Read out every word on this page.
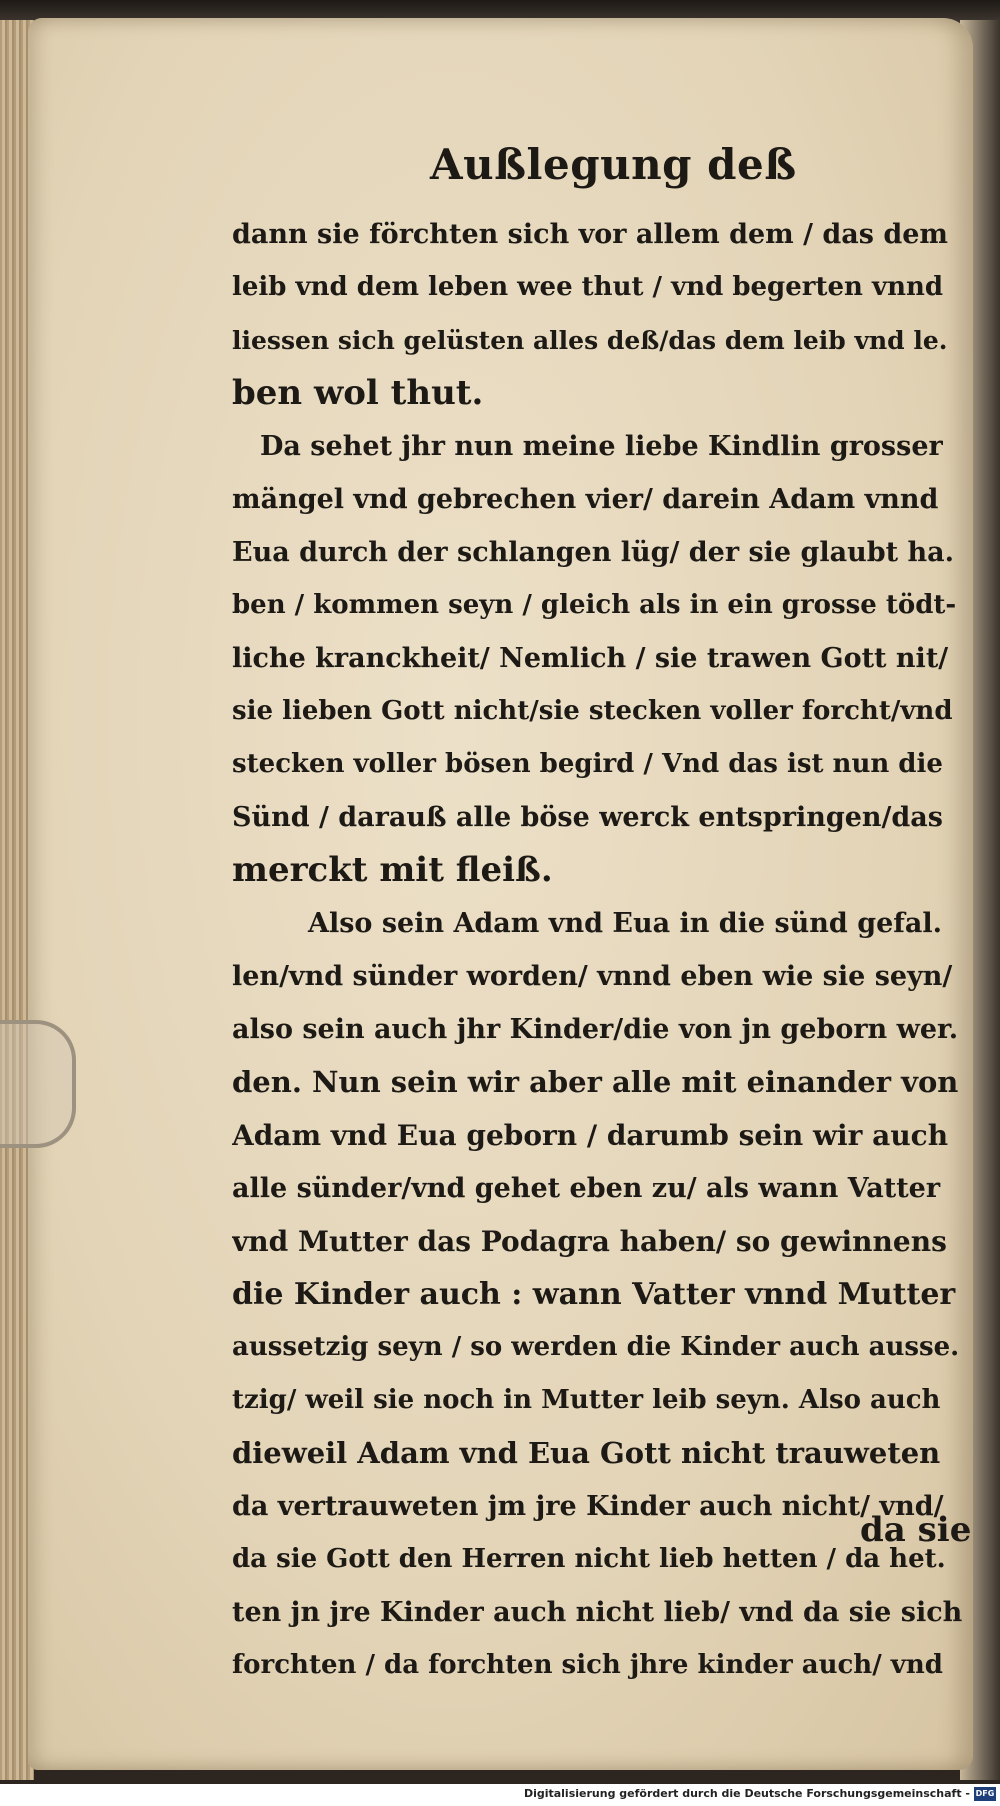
Außlegung deß
dann sie förchten sich vor allem dem / das dem
leib vnd dem leben wee thut / vnd begerten vnnd
liessen sich gelüsten alles deß/das dem leib vnd le.
ben wol thut.
Da sehet jhr nun meine liebe Kindlin grosser
mängel vnd gebrechen vier/ darein Adam vnnd
Eua durch der schlangen lüg/ der sie glaubt ha.
ben / kommen seyn / gleich als in ein grosse tödt-
liche kranckheit/ Nemlich / sie trawen Gott nit/
sie lieben Gott nicht/sie stecken voller forcht/vnd
stecken voller bösen begird / Vnd das ist nun die
Sünd / darauß alle böse werck entspringen/das
merckt mit fleiß.
Also sein Adam vnd Eua in die sünd gefal.
len/vnd sünder worden/ vnnd eben wie sie seyn/
also sein auch jhr Kinder/die von jn geborn wer.
den. Nun sein wir aber alle mit einander von
Adam vnd Eua geborn / darumb sein wir auch
alle sünder/vnd gehet eben zu/ als wann Vatter
vnd Mutter das Podagra haben/ so gewinnens
die Kinder auch : wann Vatter vnnd Mutter
aussetzig seyn / so werden die Kinder auch ausse.
tzig/ weil sie noch in Mutter leib seyn. Also auch
dieweil Adam vnd Eua Gott nicht trauweten
da vertrauweten jm jre Kinder auch nicht/ vnd/
da sie Gott den Herren nicht lieb hetten / da het.
ten jn jre Kinder auch nicht lieb/ vnd da sie sich
forchten / da forchten sich jhre kinder auch/ vnd
da sie
Digitalisierung gefördert durch die Deutsche Forschungsgemeinschaft - DFG
